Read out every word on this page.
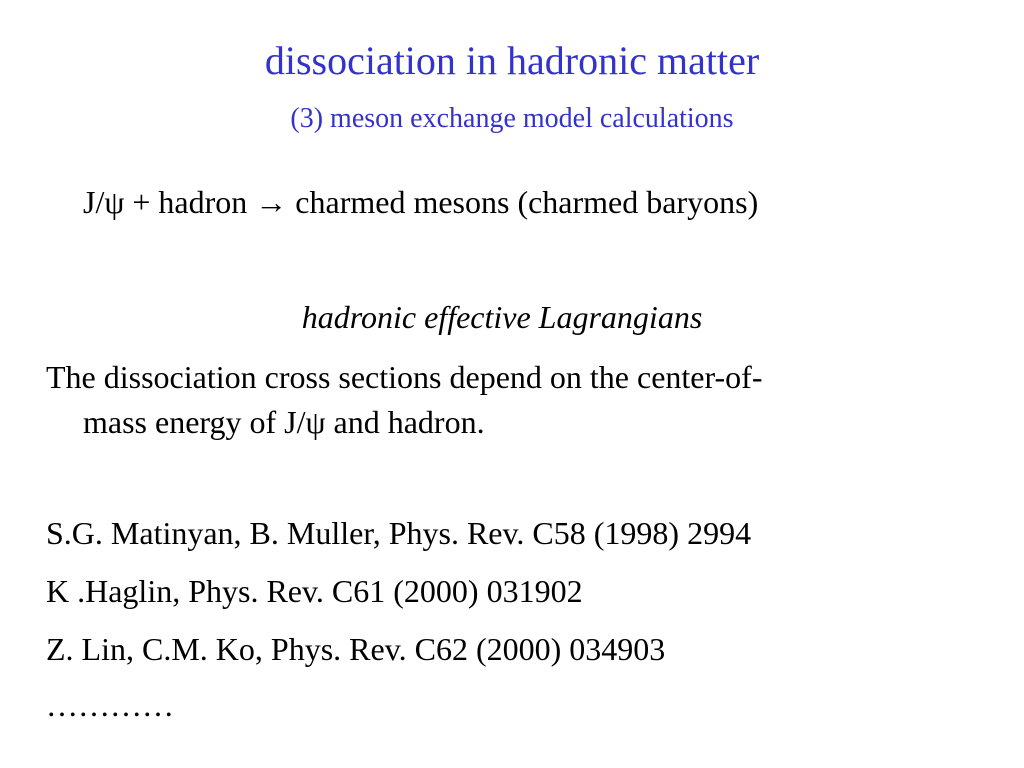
dissociation in hadronic matter
(3) meson exchange model calculations
J/ψ + hadron → charmed mesons (charmed baryons)
hadronic effective Lagrangians
The dissociation cross sections depend on the center-of-
mass energy of J/ψ and hadron.
S.G. Matinyan, B. Muller, Phys. Rev. C58 (1998) 2994
K .Haglin, Phys. Rev. C61 (2000) 031902
Z. Lin, C.M. Ko, Phys. Rev. C62 (2000) 034903
…………
